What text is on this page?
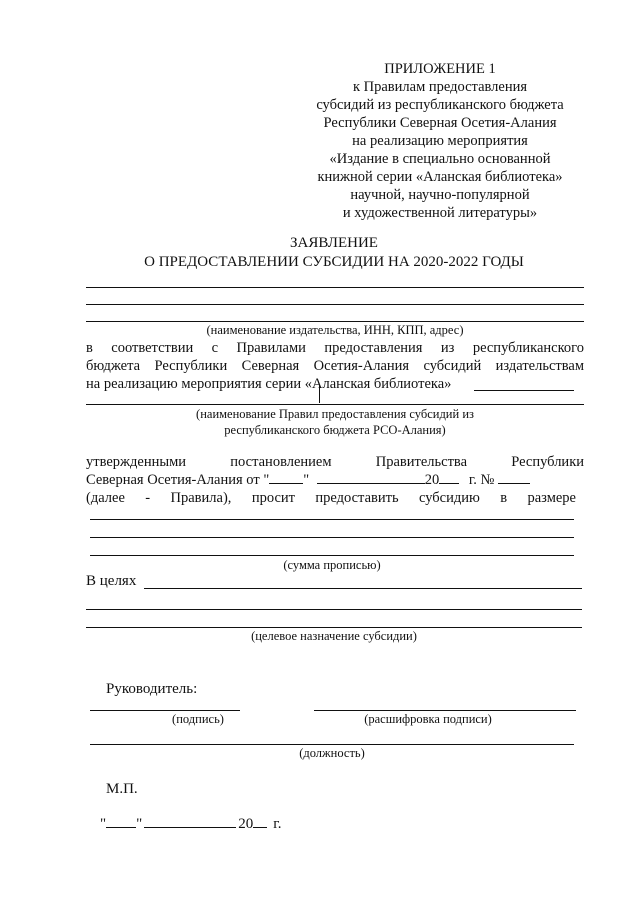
ПРИЛОЖЕНИЕ 1
к Правилам предоставления
субсидий из республиканского бюджета
Республики Северная Осетия-Алания
на реализацию мероприятия
«Издание в специально основанной
книжной серии «Аланская библиотека»
научной, научно-популярной
и художественной литературы»
ЗАЯВЛЕНИЕ
О ПРЕДОСТАВЛЕНИИ СУБСИДИИ НА 2020-2022 ГОДЫ
(наименование издательства, ИНН, КПП, адрес)
в соответствии с Правилами предоставления из республиканского
бюджета Республики Северная Осетия-Алания субсидий издательствам
на реализацию мероприятия серии «Аланская библиотека»
(наименование Правил предоставления субсидий из
республиканского бюджета РСО-Алания)
утвержденными постановлением Правительства Республики
Северная Осетия-Алания от " "	20 г. №
(далее - Правила), просит предоставить субсидию в размере
(сумма прописью)
В целях
(целевое назначение субсидии)
Руководитель:
(подпись)	(расшифровка подписи)
(должность)
М.П.
" "	20 г.
